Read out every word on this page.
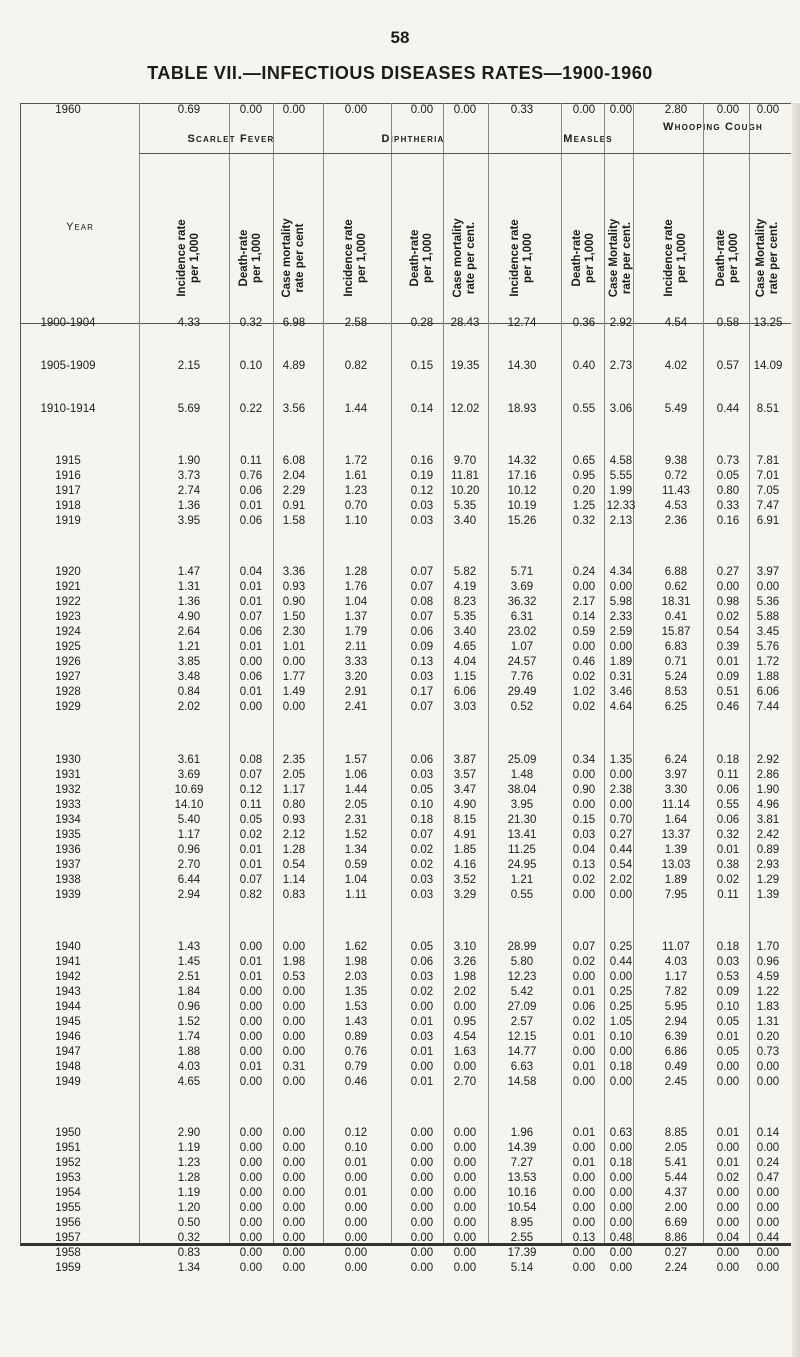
58
TABLE VII.—INFECTIOUS DISEASES RATES—1900-1960
Year
Scarlet Fever	Diphtheria	Measles
Whooping Cough
Incidence rate
per 1,000	Death-rate
per 1,000
Case mortality
rate per cent
Incidence rate
per 1,000	Death-rate
per 1,000
Case mortality
rate per cent.
Incidence rate
per 1,000	Death-rate
per 1,000
Case Mortality
rate per cent.
Incidence rate
per 1,000 Death-rate
per 1,000
Case Mortality
rate per cent.
1900-1904	4.33	0.32 6.98	2.58	0.28 28.43 12.74	0.36 2.92	4.54	0.58 13.25
1905-1909	2.15	0.10 4.89	0.82	0.15 19.35 14.30	0.40 2.73	4.02	0.57 14.09
1910-1914	5.69	0.22 3.56	1.44	0.14 12.02 18.93	0.55 3.06	5.49	0.44 8.51
1915	1.90	0.11 6.08	1.72	0.16 9.70	14.32	0.65 4.58	9.38	0.73 7.81
1916	3.73	0.76 2.04	1.61	0.19 11.81 17.16	0.95 5.55	0.72	0.05 7.01
1917	2.74	0.06 2.29	1.23	0.12 10.20 10.12	0.20 1.99	11.43 0.80 7.05
1918	1.36	0.01 0.91	0.70	0.03 5.35	10.19	1.25 12.33	4.53	0.33 7.47
1919	3.95	0.06 1.58	1.10	0.03 3.40	15.26	0.32 2.13	2.36	0.16 6.91
1920	1.47	0.04 3.36	1.28	0.07 5.82	5.71	0.24 4.34	6.88	0.27 3.97
1921	1.31	0.01 0.93	1.76	0.07 4.19	3.69	0.00 0.00	0.62	0.00 0.00
1922	1.36	0.01 0.90	1.04	0.08 8.23	36.32	2.17 5.98	18.31 0.98 5.36
1923	4.90	0.07 1.50	1.37	0.07 5.35	6.31	0.14 2.33	0.41	0.02 5.88
1924	2.64	0.06 2.30	1.79	0.06 3.40	23.02	0.59 2.59	15.87 0.54 3.45
1925	1.21	0.01 1.01	2.11	0.09 4.65	1.07	0.00 0.00	6.83	0.39 5.76
1926	3.85	0.00 0.00	3.33	0.13 4.04	24.57	0.46 1.89	0.71	0.01 1.72
1927	3.48	0.06 1.77	3.20	0.03 1.15	7.76	0.02 0.31	5.24	0.09 1.88
1928	0.84	0.01 1.49	2.91	0.17 6.06	29.49	1.02 3.46	8.53	0.51 6.06
1929	2.02	0.00 0.00	2.41	0.07 3.03	0.52	0.02 4.64	6.25	0.46 7.44
1930	3.61	0.08 2.35	1.57	0.06 3.87	25.09	0.34 1.35	6.24	0.18 2.92
1931	3.69	0.07 2.05	1.06	0.03 3.57	1.48	0.00 0.00	3.97	0.11 2.86
1932	10.69	0.12 1.17	1.44	0.05 3.47	38.04	0.90 2.38	3.30	0.06 1.90
1933	14.10	0.11 0.80	2.05	0.10 4.90	3.95	0.00 0.00	11.14 0.55 4.96
1934	5.40	0.05 0.93	2.31	0.18 8.15	21.30	0.15 0.70	1.64	0.06 3.81
1935	1.17	0.02 2.12	1.52	0.07 4.91	13.41	0.03 0.27	13.37 0.32 2.42
1936	0.96	0.01 1.28	1.34	0.02 1.85	11.25	0.04 0.44	1.39	0.01 0.89
1937	2.70	0.01 0.54	0.59	0.02 4.16	24.95	0.13 0.54	13.03 0.38 2.93
1938	6.44	0.07 1.14	1.04	0.03 3.52	1.21	0.02 2.02	1.89	0.02 1.29
1939	2.94	0.82 0.83	1.11	0.03 3.29	0.55	0.00 0.00	7.95	0.11 1.39
1940	1.43	0.00 0.00	1.62	0.05 3.10	28.99	0.07 0.25	11.07 0.18 1.70
1941	1.45	0.01 1.98	1.98	0.06 3.26	5.80	0.02 0.44	4.03	0.03 0.96
1942	2.51	0.01 0.53	2.03	0.03 1.98	12.23	0.00 0.00	1.17	0.53 4.59
1943	1.84	0.00 0.00	1.35	0.02 2.02	5.42	0.01 0.25	7.82	0.09 1.22
1944	0.96	0.00 0.00	1.53	0.00 0.00	27.09	0.06 0.25	5.95	0.10 1.83
1945	1.52	0.00 0.00	1.43	0.01 0.95	2.57	0.02 1.05	2.94	0.05 1.31
1946	1.74	0.00 0.00	0.89	0.03 4.54	12.15	0.01 0.10	6.39	0.01 0.20
1947	1.88	0.00 0.00	0.76	0.01 1.63	14.77	0.00 0.00	6.86	0.05 0.73
1948	4.03	0.01 0.31	0.79	0.00 0.00	6.63	0.01 0.18	0.49	0.00 0.00
1949	4.65	0.00 0.00	0.46	0.01 2.70	14.58	0.00 0.00	2.45	0.00 0.00
1950	2.90	0.00 0.00	0.12	0.00 0.00	1.96	0.01 0.63	8.85	0.01 0.14
1951	1.19	0.00 0.00	0.10	0.00 0.00	14.39	0.00 0.00	2.05	0.00 0.00
1952	1.23	0.00 0.00	0.01	0.00 0.00	7.27	0.01 0.18	5.41	0.01 0.24
1953	1.28	0.00 0.00	0.00	0.00 0.00	13.53	0.00 0.00	5.44	0.02 0.47
1954	1.19	0.00 0.00	0.01	0.00 0.00	10.16	0.00 0.00	4.37	0.00 0.00
1955	1.20	0.00 0.00	0.00	0.00 0.00	10.54	0.00 0.00	2.00	0.00 0.00
1956	0.50	0.00 0.00	0.00	0.00 0.00	8.95	0.00 0.00	6.69	0.00 0.00
1957	0.32	0.00 0.00	0.00	0.00 0.00	2.55	0.13 0.48	8.86	0.04 0.44
1958	0.83	0.00 0.00	0.00	0.00 0.00	17.39	0.00 0.00	0.27	0.00 0.00
1959	1.34	0.00 0.00	0.00	0.00 0.00	5.14	0.00 0.00	2.24	0.00 0.00
1960	0.69	0.00 0.00	0.00	0.00 0.00	0.33	0.00 0.00	2.80	0.00 0.00
